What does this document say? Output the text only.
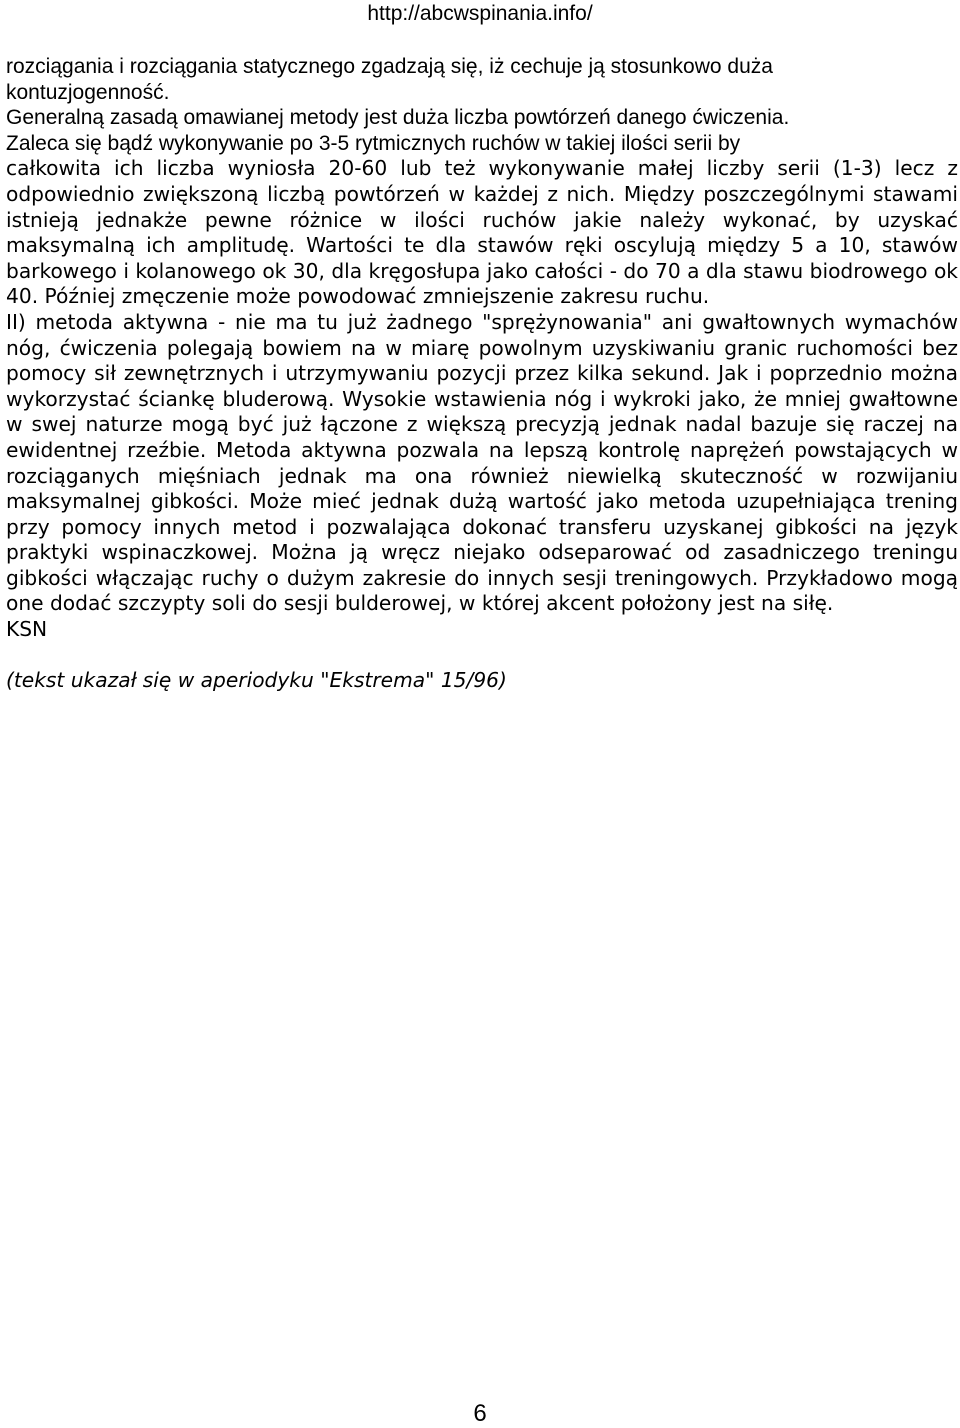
http://abcwspinania.info/

rozciągania i rozciągania statycznego zgadzają się, iż cechuje ją stosunkowo duża
kontuzjogenność.
Generalną zasadą omawianej metody jest duża liczba powtórzeń danego ćwiczenia.
Zaleca się bądź wykonywanie po 3-5 rytmicznych ruchów w takiej ilości serii by

całkowita ich liczba wyniosła 20-60 lub też wykonywanie małej liczby serii (1-3) lecz z odpowiednio zwiększoną liczbą powtórzeń w każdej z nich. Między poszczególnymi stawami istnieją jednakże pewne różnice w ilości ruchów jakie należy wykonać, by uzyskać maksymalną ich amplitudę. Wartości te dla stawów ręki oscylują między 5 a 10, stawów barkowego i kolanowego ok 30, dla kręgosłupa jako całości - do 70 a dla stawu biodrowego ok 40. Później zmęczenie może powodować zmniejszenie zakresu ruchu.

II) metoda aktywna - nie ma tu już żadnego "sprężynowania" ani gwałtownych wymachów nóg, ćwiczenia polegają bowiem na w miarę powolnym uzyskiwaniu granic ruchomości bez pomocy sił zewnętrznych i utrzymywaniu pozycji przez kilka sekund. Jak i poprzednio można wykorzystać ściankę bluderową. Wysokie wstawienia nóg i wykroki jako, że mniej gwałtowne w swej naturze mogą być już łączone z większą precyzją jednak nadal bazuje się raczej na ewidentnej rzeźbie. Metoda aktywna pozwala na lepszą kontrolę naprężeń powstających w rozciąganych mięśniach jednak ma ona również niewielką skuteczność w rozwijaniu maksymalnej gibkości. Może mieć jednak dużą wartość jako metoda uzupełniająca trening przy pomocy innych metod i pozwalająca dokonać transferu uzyskanej gibkości na język praktyki wspinaczkowej. Można ją wręcz niejako odseparować od zasadniczego treningu gibkości włączając ruchy o dużym zakresie do innych sesji treningowych. Przykładowo mogą one dodać szczypty soli do sesji bulderowej, w której akcent położony jest na siłę.

KSN

(tekst ukazał się w aperiodyku "Ekstrema" 15/96)

6
